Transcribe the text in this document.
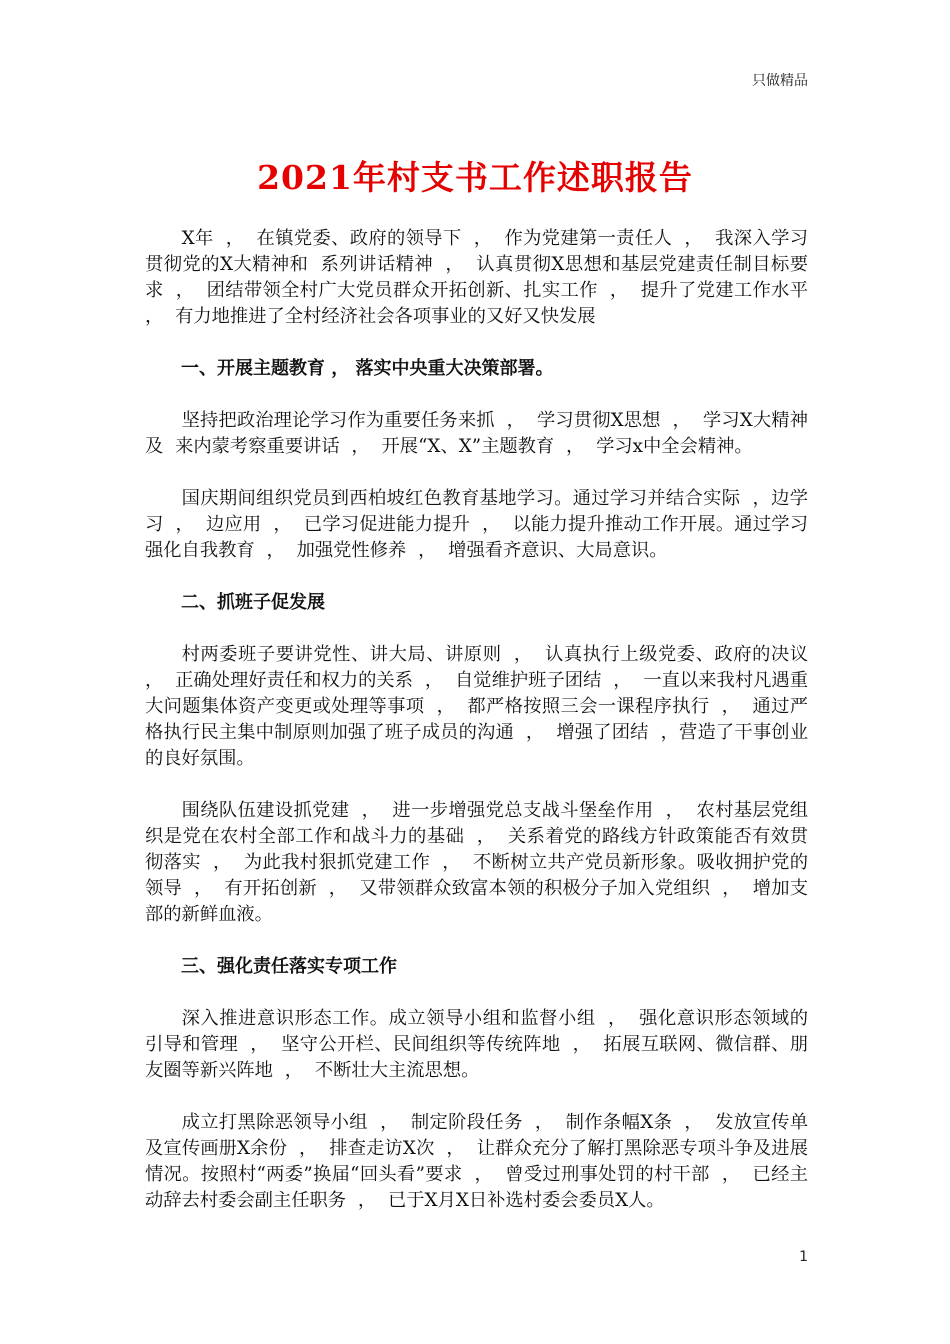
只做精品
2021年村支书工作述职报告

X年 ， 在镇党委、政府的领导下 ， 作为党建第一责任人 ， 我深入学习贯彻党的X大精神和 系列讲话精神 ， 认真贯彻X思想和基层党建责任制目标要求 ， 团结带领全村广大党员群众开拓创新、扎实工作 ， 提升了党建工作水平 ， 有力地推进了全村经济社会各项事业的又好又快发展

一、开展主题教育 ， 落实中央重大决策部署。

坚持把政治理论学习作为重要任务来抓 ， 学习贯彻X思想 ， 学习X大精神及 来内蒙考察重要讲话 ， 开展“X、X”主题教育 ， 学习x中全会精神。

国庆期间组织党员到西柏坡红色教育基地学习。通过学习并结合实际 ，边学习 ， 边应用 ， 已学习促进能力提升 ， 以能力提升推动工作开展。通过学习强化自我教育 ， 加强党性修养 ， 增强看齐意识、大局意识。

二、抓班子促发展

村两委班子要讲党性、讲大局、讲原则 ， 认真执行上级党委、政府的决议 ， 正确处理好责任和权力的关系 ， 自觉维护班子团结 ， 一直以来我村凡遇重大问题集体资产变更或处理等事项 ， 都严格按照三会一课程序执行 ， 通过严格执行民主集中制原则加强了班子成员的沟通 ， 增强了团结 ，营造了干事创业的良好氛围。

围绕队伍建设抓党建 ， 进一步增强党总支战斗堡垒作用 ， 农村基层党组织是党在农村全部工作和战斗力的基础 ， 关系着党的路线方针政策能否有效贯彻落实 ， 为此我村狠抓党建工作 ， 不断树立共产党员新形象。吸收拥护党的领导 ， 有开拓创新 ， 又带领群众致富本领的积极分子加入党组织 ， 增加支部的新鲜血液。

三、强化责任落实专项工作

深入推进意识形态工作。成立领导小组和监督小组 ， 强化意识形态领域的引导和管理 ， 坚守公开栏、民间组织等传统阵地 ， 拓展互联网、微信群、朋友圈等新兴阵地 ， 不断壮大主流思想。

成立打黑除恶领导小组 ， 制定阶段任务 ， 制作条幅X条 ， 发放宣传单及宣传画册X余份 ， 排查走访X次 ， 让群众充分了解打黑除恶专项斗争及进展情况。按照村“两委”换届“回头看”要求 ， 曾受过刑事处罚的村干部 ， 已经主动辞去村委会副主任职务 ， 已于X月X日补选村委会委员X人。

1
